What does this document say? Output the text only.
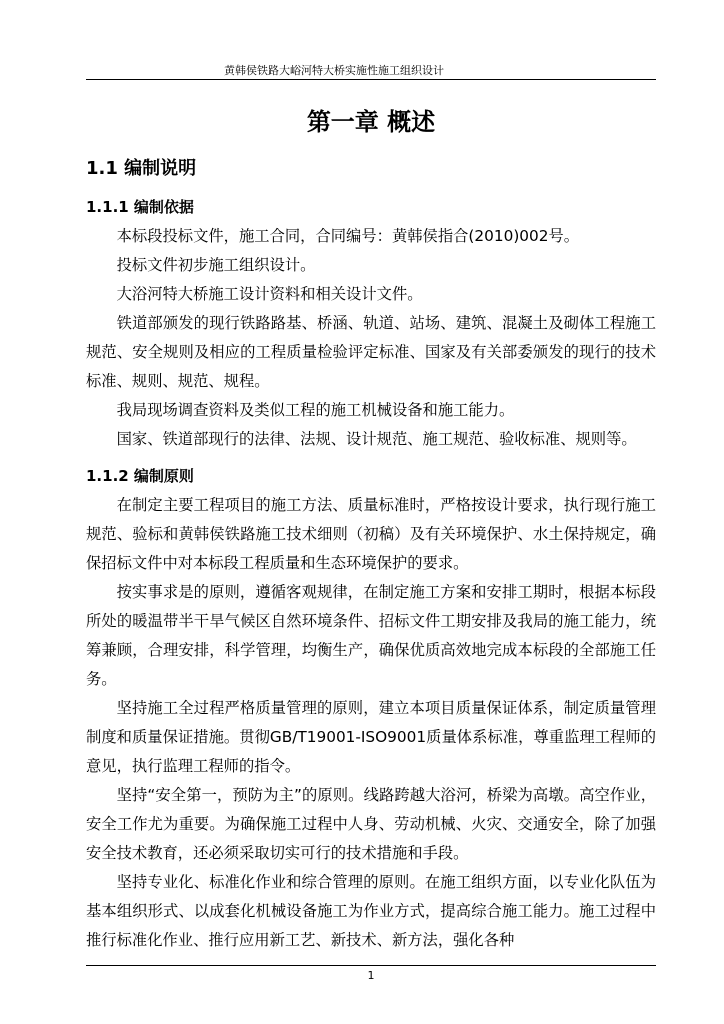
黄韩侯铁路大峪河特大桥实施性施工组织设计
第一章 概述
1.1 编制说明
1.1.1 编制依据

本标段投标文件，施工合同，合同编号：黄韩侯指合(2010)002号。

投标文件初步施工组织设计。

大浴河特大桥施工设计资料和相关设计文件。

铁道部颁发的现行铁路路基、桥涵、轨道、站场、建筑、混凝土及砌体工程施工规范、安全规则及相应的工程质量检验评定标准、国家及有关部委颁发的现行的技术标准、规则、规范、规程。

我局现场调查资料及类似工程的施工机械设备和施工能力。

国家、铁道部现行的法律、法规、设计规范、施工规范、验收标准、规则等。

1.1.2 编制原则

在制定主要工程项目的施工方法、质量标准时，严格按设计要求，执行现行施工规范、验标和黄韩侯铁路施工技术细则（初稿）及有关环境保护、水土保持规定，确保招标文件中对本标段工程质量和生态环境保护的要求。

按实事求是的原则，遵循客观规律，在制定施工方案和安排工期时，根据本标段所处的暖温带半干旱气候区自然环境条件、招标文件工期安排及我局的施工能力，统筹兼顾，合理安排，科学管理，均衡生产，确保优质高效地完成本标段的全部施工任务。

坚持施工全过程严格质量管理的原则，建立本项目质量保证体系，制定质量管理制度和质量保证措施。贯彻GB/T19001-ISO9001质量体系标准，尊重监理工程师的意见，执行监理工程师的指令。

坚持“安全第一，预防为主”的原则。线路跨越大浴河，桥梁为高墩。高空作业，安全工作尤为重要。为确保施工过程中人身、劳动机械、火灾、交通安全，除了加强安全技术教育，还必须采取切实可行的技术措施和手段。

坚持专业化、标准化作业和综合管理的原则。在施工组织方面，以专业化队伍为基本组织形式、以成套化机械设备施工为作业方式，提高综合施工能力。施工过程中推行标准化作业、推行应用新工艺、新技术、新方法，强化各种

1
